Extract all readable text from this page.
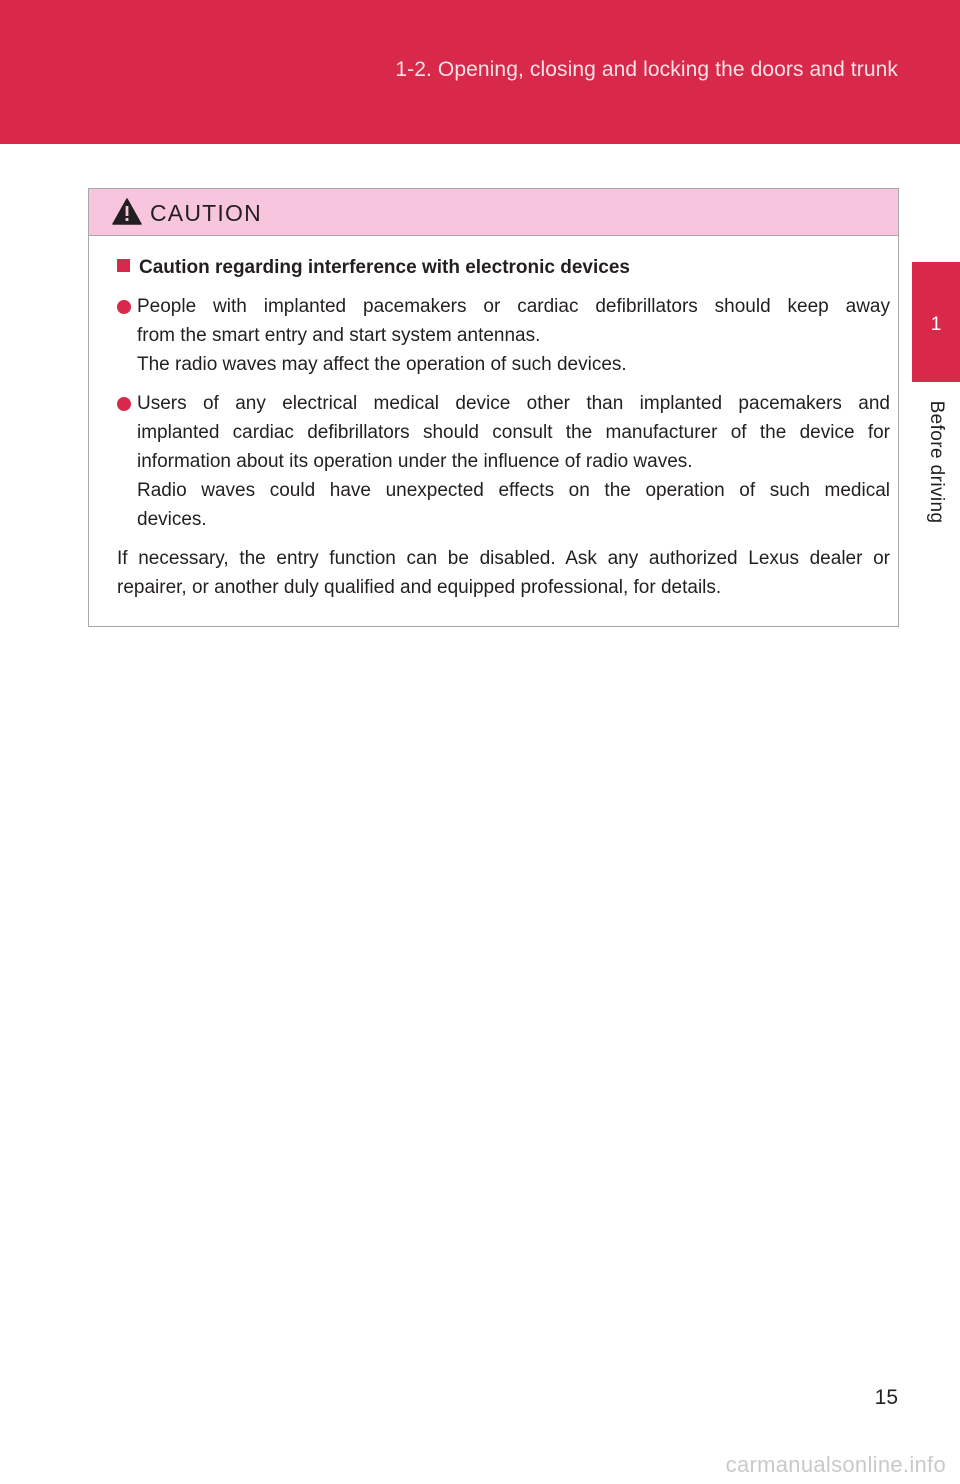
1-2. Opening, closing and locking the doors and trunk
1
Before driving
CAUTION
Caution regarding interference with electronic devices
People with implanted pacemakers or cardiac defibrillators should keep away
from the smart entry and start system antennas.
The radio waves may affect the operation of such devices.
Users of any electrical medical device other than implanted pacemakers and
implanted cardiac defibrillators should consult the manufacturer of the device for
information about its operation under the influence of radio waves.
Radio waves could have unexpected effects on the operation of such medical
devices.
If necessary, the entry function can be disabled. Ask any authorized Lexus dealer or
repairer, or another duly qualified and equipped professional, for details.
15
carmanualsonline.info
